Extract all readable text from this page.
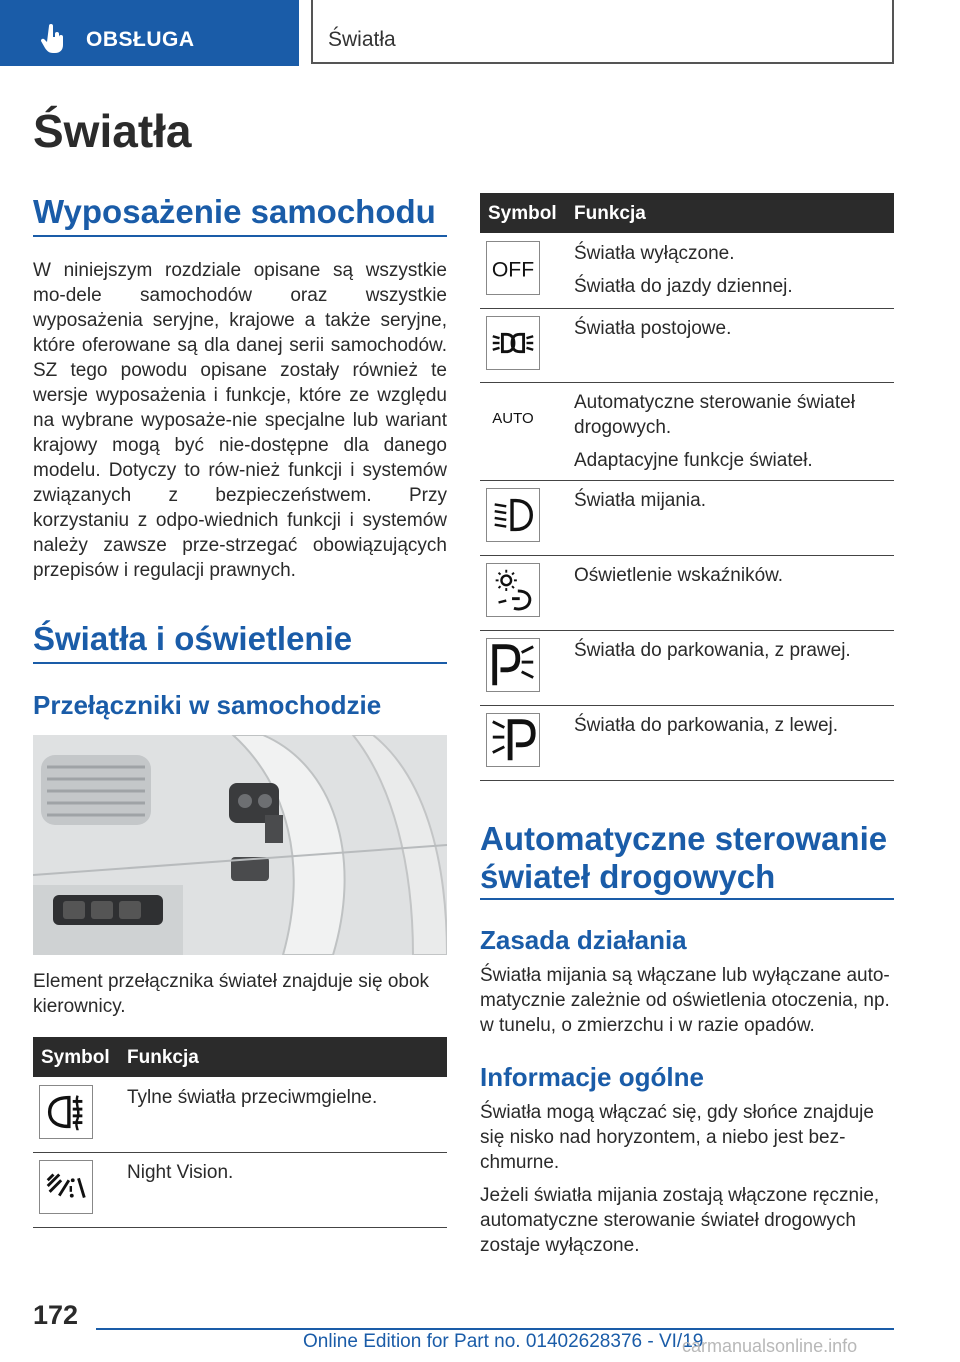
OBSŁUGA	Światła
Światła
Wyposażenie samochodu
W niniejszym rozdziale opisane są wszystkie mo-dele samochodów oraz wszystkie wyposażenia seryjne, krajowe a także seryjne, które oferowane są dla danej serii samochodów. SZ tego powodu opisane zostały również te wersje wyposażenia i funkcje, które ze względu na wybrane wyposaże-nie specjalne lub wariant krajowy mogą być nie-dostępne dla danego modelu. Dotyczy to rów-nież funkcji i systemów związanych z bezpieczeństwem. Przy korzystaniu z odpo-wiednich funkcji i systemów należy zawsze prze-strzegać obowiązujących przepisów i regulacji prawnych.
Światła i oświetlenie
Przełączniki w samochodzie
Element przełącznika świateł znajduje się obok kierownicy.
Symbol Funkcja
Tylne światła przeciwmgielne.
Night Vision.
Symbol Funkcja
OFF

Światła wyłączone.

Światła do jazdy dziennej.

Światła postojowe.

AUTO

Automatyczne sterowanie świateł drogowych.

Adaptacyjne funkcje świateł.

Światła mijania.

Oświetlenie wskaźników.

Światła do parkowania, z prawej.

Światła do parkowania, z lewej.

Automatyczne sterowanie świateł drogowych
Zasada działania
Światła mijania są włączane lub wyłączane auto-matycznie zależnie od oświetlenia otoczenia, np. w tunelu, o zmierzchu i w razie opadów.
Informacje ogólne
Światła mogą włączać się, gdy słońce znajduje się nisko nad horyzontem, a niebo jest bez-chmurne.
Jeżeli światła mijania zostają włączone ręcznie, automatyczne sterowanie świateł drogowych zostaje wyłączone.
172
Online Edition for Part no. 01402628376 - VI/19
carmanualsonline.info
